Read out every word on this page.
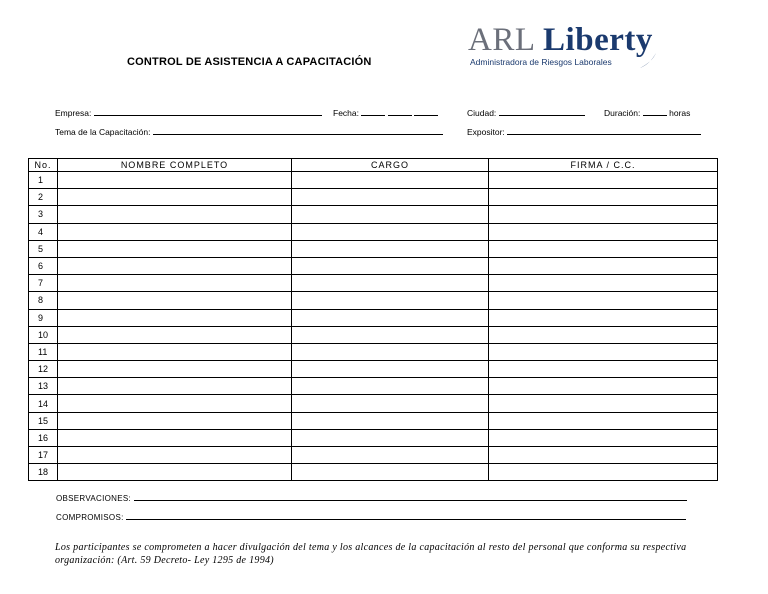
CONTROL DE ASISTENCIA A CAPACITACIÓN
ARL Liberty
Administradora de Riesgos Laborales
Empresa:	Fecha:	Ciudad:	Duración:	horas
Tema de la Capacitación:	Expositor:
No.	NOMBRE COMPLETO	CARGO	FIRMA / C.C.
1			
2			
3			
4			
5			
6			
7			
8			
9			
10			
11			
12			
13			
14			
15			
16			
17			
18			
OBSERVACIONES:
COMPROMISOS:
Los participantes se comprometen a hacer divulgación del tema y los alcances de la capacitación al resto del personal que conforma su respectiva organización: (Art. 59 Decreto- Ley 1295 de 1994)
